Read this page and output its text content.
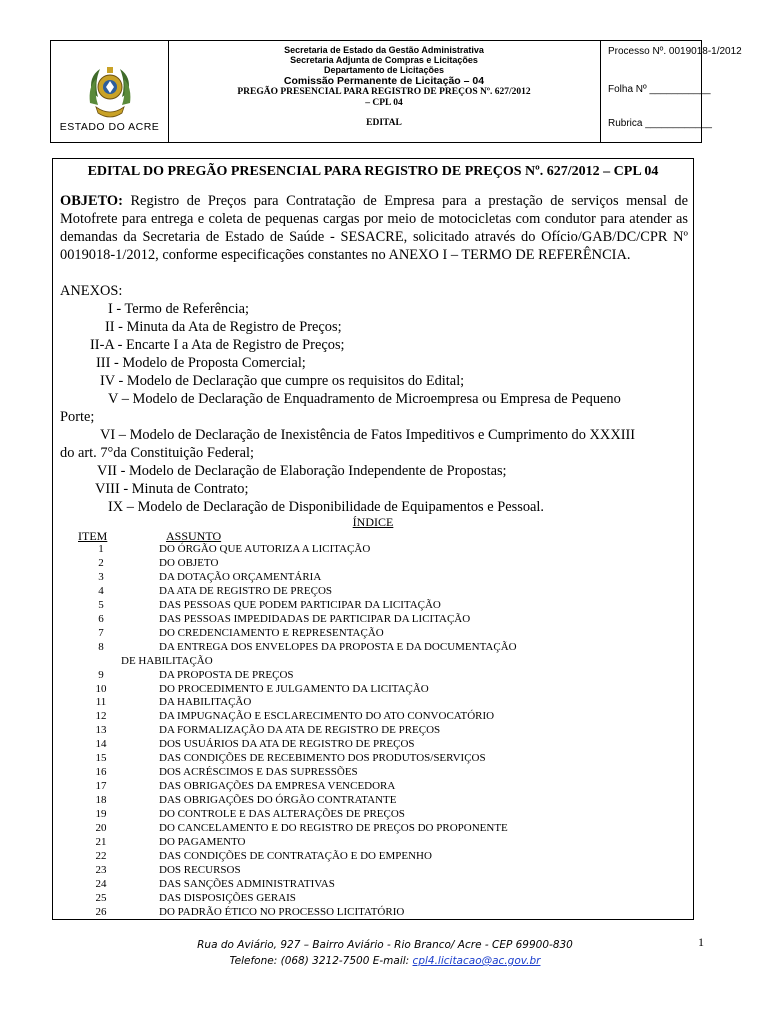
ESTADO DO ACRE
Secretaria de Estado da Gestão Administrativa
Secretaria Adjunta de Compras e Licitações
Departamento de Licitações
Comissão Permanente de Licitação – 04
PREGÃO PRESENCIAL PARA REGISTRO DE PREÇOS Nº. 627/2012
– CPL 04
EDITAL
Processo Nº. 0019018-1/2012
Folha Nº ___________
Rubrica ____________
EDITAL DO PREGÃO PRESENCIAL PARA REGISTRO DE PREÇOS Nº. 627/2012 – CPL 04
OBJETO: Registro de Preços para Contratação de Empresa para a prestação de serviços mensal de Motofrete para entrega e coleta de pequenas cargas por meio de motocicletas com condutor para atender as demandas da Secretaria de Estado de Saúde - SESACRE, solicitado através do Ofício/GAB/DC/CPR Nº 0019018-1/2012, conforme especificações constantes no ANEXO I – TERMO DE REFERÊNCIA.
ANEXOS:
I - Termo de Referência;
II - Minuta da Ata de Registro de Preços;
II-A - Encarte I a Ata de Registro de Preços;
III - Modelo de Proposta Comercial;
IV - Modelo de Declaração que cumpre os requisitos do Edital;
V – Modelo de Declaração de Enquadramento de Microempresa ou Empresa de Pequeno
Porte;
VI – Modelo de Declaração de Inexistência de Fatos Impeditivos e Cumprimento do XXXIII
do art. 7°da Constituição Federal;
VII - Modelo de Declaração de Elaboração Independente de Propostas;
VIII - Minuta de Contrato;
IX – Modelo de Declaração de Disponibilidade de Equipamentos e Pessoal.
ÍNDICE
ITEM	ASSUNTO
1	DO ÓRGÃO QUE AUTORIZA A LICITAÇÃO
2	DO OBJETO
3	DA DOTAÇÃO ORÇAMENTÁRIA
4	DA ATA DE REGISTRO DE PREÇOS
5	DAS PESSOAS QUE PODEM PARTICIPAR DA LICITAÇÃO
6	DAS PESSOAS IMPEDIDADAS DE PARTICIPAR DA LICITAÇÃO
7	DO CREDENCIAMENTO E REPRESENTAÇÃO
8	DA ENTREGA DOS ENVELOPES DA PROPOSTA E DA DOCUMENTAÇÃO
DE HABILITAÇÃO
9	DA PROPOSTA DE PREÇOS
10	DO PROCEDIMENTO E JULGAMENTO DA LICITAÇÃO
11	DA HABILITAÇÃO
12	DA IMPUGNAÇÃO E ESCLARECIMENTO DO ATO CONVOCATÓRIO
13	DA FORMALIZAÇÃO DA ATA DE REGISTRO DE PREÇOS
14	DOS USUÁRIOS DA ATA DE REGISTRO DE PREÇOS
15	DAS CONDIÇÕES DE RECEBIMENTO DOS PRODUTOS/SERVIÇOS
16	DOS ACRÉSCIMOS E DAS SUPRESSÕES
17	DAS OBRIGAÇÕES DA EMPRESA VENCEDORA
18	DAS OBRIGAÇÕES DO ÓRGÃO CONTRATANTE
19	DO CONTROLE E DAS ALTERAÇÕES DE PREÇOS
20	DO CANCELAMENTO E DO REGISTRO DE PREÇOS DO PROPONENTE
21	DO PAGAMENTO
22	DAS CONDIÇÕES DE CONTRATAÇÃO E DO EMPENHO
23	DOS RECURSOS
24	DAS SANÇÕES ADMINISTRATIVAS
25	DAS DISPOSIÇÕES GERAIS
26	DO PADRÃO ÉTICO NO PROCESSO LICITATÓRIO
Rua do Aviário, 927 – Bairro Aviário - Rio Branco/ Acre - CEP 69900-830
Telefone: (068) 3212-7500 E-mail: cpl4.licitacao@ac.gov.br
1
